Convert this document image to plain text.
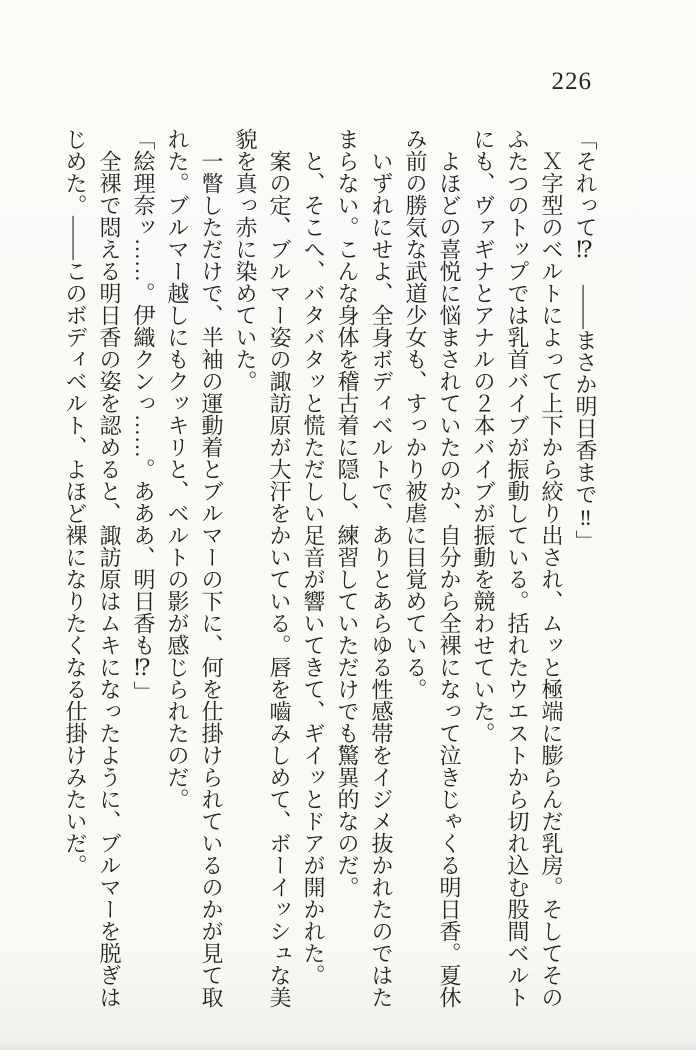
226

「それって⁉　――まさか明日香まで‼」

Ｘ字型のベルトによって上下から絞り出され、ムッと極端に膨らんだ乳房。そしてそのふたつのトップでは乳首バイブが振動している。括れたウエストから切れ込む股間ベルトにも、ヴァギナとアナルの２本バイブが振動を競わせていた。

よほどの喜悦に悩まされていたのか、自分から全裸になって泣きじゃくる明日香。夏休み前の勝気な武道少女も、すっかり被虐に目覚めている。

いずれにせよ、全身ボディベルトで、ありとあらゆる性感帯をイジメ抜かれたのではたまらない。こんな身体を稽古着に隠し、練習していただけでも驚異的なのだ。

と、そこへ、バタバタッと慌ただしい足音が響いてきて、ギイッとドアが開かれた。

案の定、ブルマー姿の諏訪原が大汗をかいている。唇を嚙みしめて、ボーイッシュな美貌を真っ赤に染めていた。

一瞥しただけで、半袖の運動着とブルマーの下に、何を仕掛けられているのかが見て取れた。ブルマー越しにもクッキリと、ベルトの影が感じられたのだ。

「絵理奈ッ……。伊織クンっ……。あああ、明日香も⁉」

全裸で悶える明日香の姿を認めると、諏訪原はムキになったように、ブルマーを脱ぎはじめた。――このボディベルト、よほど裸になりたくなる仕掛けみたいだ。
